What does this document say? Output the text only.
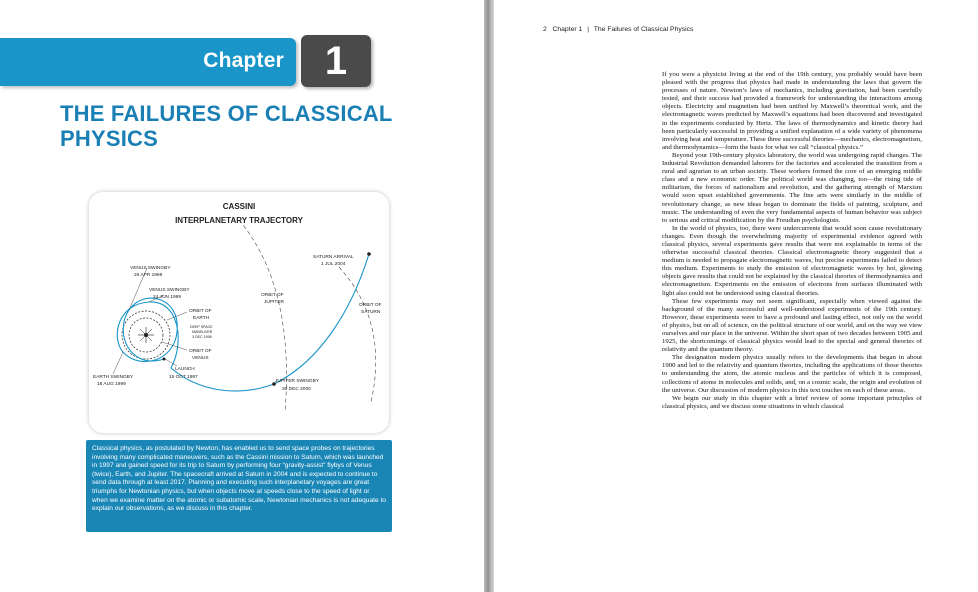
Chapter	1
THE FAILURES OF CLASSICAL PHYSICS
CASSINI
INTERPLANETARY TRAJECTORY
VENUS SWINGBY
26 APR 1998
VENUS SWINGBY
24 JUN 1999
ORBIT OF
EARTH
DEEP SPACE
MANEUVER
3 DEC 1998
ORBIT OF
VENUS
LAUNCH
15 OCT 1997
EARTH SWINGBY
18 AUG 1999
ORBIT OF
JUPITER
SATURN ARRIVAL
1 JUL 2004
ORBIT OF
SATURN
JUPITER SWINGBY
30 DEC 2000
Classical physics, as postulated by Newton, has enabled us to send space probes on trajectories involving many complicated maneuvers, such as the Cassini mission to Saturn, which was launched in 1997 and gained speed for its trip to Saturn by performing four “gravity-assist” flybys of Venus (twice), Earth, and Jupiter. The spacecraft arrived at Saturn in 2004 and is expected to continue to send data through at least 2017. Planning and executing such interplanetary voyages are great triumphs for Newtonian physics, but when objects move at speeds close to the speed of light or when we examine matter on the atomic or subatomic scale, Newtonian mechanics is not adequate to explain our observations, as we discuss in this chapter.
2 Chapter 1 | The Failures of Classical Physics

If you were a physicist living at the end of the 19th century, you probably would have been pleased with the progress that physics had made in understanding the laws that govern the processes of nature. Newton’s laws of mechanics, including gravitation, had been carefully tested, and their success had provided a framework for understanding the interactions among objects. Electricity and magnetism had been unified by Maxwell’s theoretical work, and the electromagnetic waves predicted by Maxwell’s equations had been discovered and investigated in the experiments conducted by Hertz. The laws of thermodynamics and kinetic theory had been particularly successful in providing a unified explanation of a wide variety of phenomena involving heat and temperature. These three successful theories—mechanics, electromagnetism, and thermodynamics—form the basis for what we call “classical physics.”

Beyond your 19th-century physics laboratory, the world was undergoing rapid changes. The Industrial Revolution demanded laborers for the factories and accelerated the transition from a rural and agrarian to an urban society. These workers formed the core of an emerging middle class and a new economic order. The political world was changing, too—the rising tide of militarism, the forces of nationalism and revolution, and the gathering strength of Marxism would soon upset established governments. The fine arts were similarly in the middle of revolutionary change, as new ideas began to dominate the fields of painting, sculpture, and music. The understanding of even the very fundamental aspects of human behavior was subject to serious and critical modification by the Freudian psychologists.

In the world of physics, too, there were undercurrents that would soon cause revolutionary changes. Even though the overwhelming majority of experimental evidence agreed with classical physics, several experiments gave results that were not explainable in terms of the otherwise successful classical theories. Classical electromagnetic theory suggested that a medium is needed to propagate electromagnetic waves, but precise experiments failed to detect this medium. Experiments to study the emission of electromagnetic waves by hot, glowing objects gave results that could not be explained by the classical theories of thermodynamics and electromagnetism. Experiments on the emission of electrons from surfaces illuminated with light also could not be understood using classical theories.

These few experiments may not seem significant, especially when viewed against the background of the many successful and well-understood experiments of the 19th century. However, these experiments were to have a profound and lasting effect, not only on the world of physics, but on all of science, on the political structure of our world, and on the way we view ourselves and our place in the universe. Within the short span of two decades between 1905 and 1925, the shortcomings of classical physics would lead to the special and general theories of relativity and the quantum theory.

The designation modern physics usually refers to the developments that began in about 1900 and led to the relativity and quantum theories, including the applications of those theories to understanding the atom, the atomic nucleus and the particles of which it is composed, collections of atoms in molecules and solids, and, on a cosmic scale, the origin and evolution of the universe. Our discussion of modern physics in this text touches on each of these areas.

We begin our study in this chapter with a brief review of some important principles of classical physics, and we discuss some situations in which classical
